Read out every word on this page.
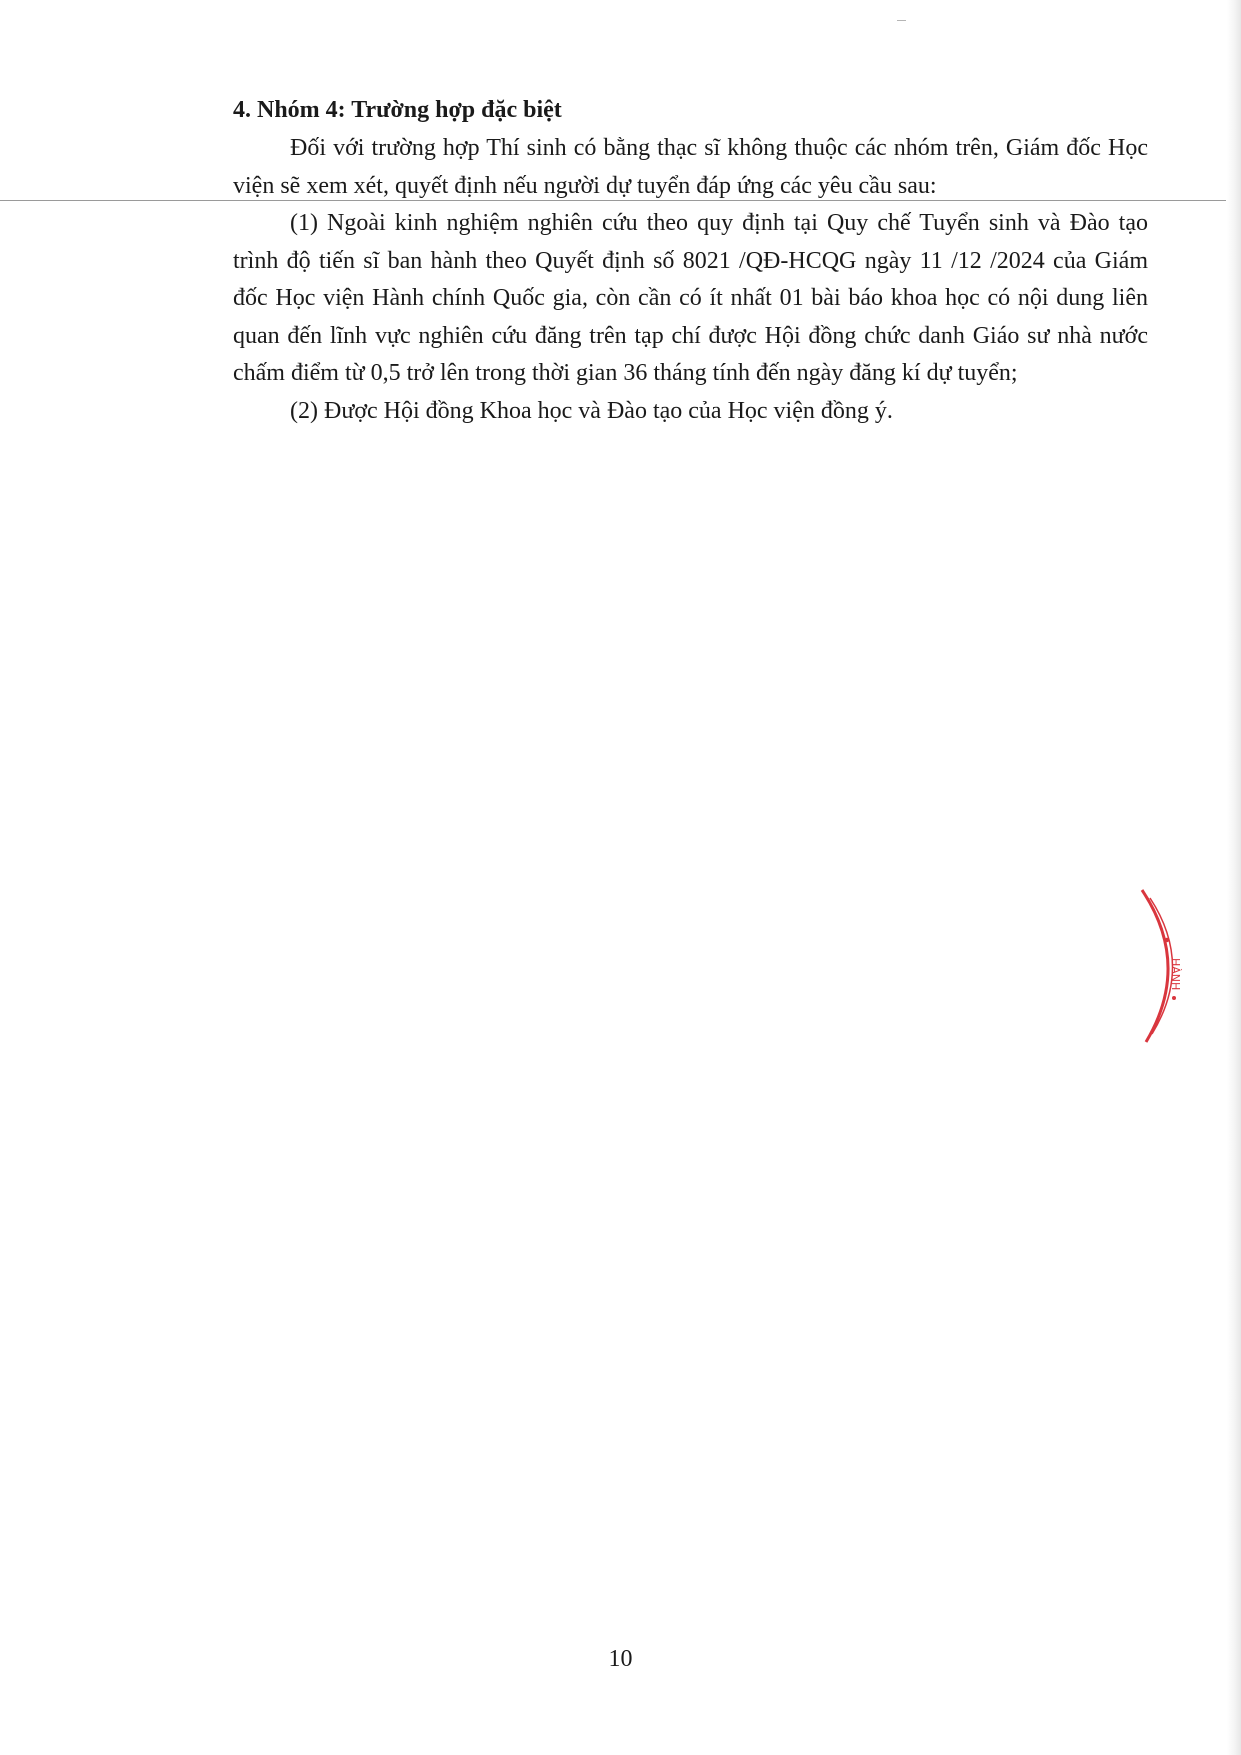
4. Nhóm 4: Trường hợp đặc biệt

Đối với trường hợp Thí sinh có bằng thạc sĩ không thuộc các nhóm trên, Giám đốc Học viện sẽ xem xét, quyết định nếu người dự tuyển đáp ứng các yêu cầu sau:

(1) Ngoài kinh nghiệm nghiên cứu theo quy định tại Quy chế Tuyển sinh và Đào tạo trình độ tiến sĩ ban hành theo Quyết định số 8021 /QĐ-HCQG ngày 11 /12 /2024 của Giám đốc Học viện Hành chính Quốc gia, còn cần có ít nhất 01 bài báo khoa học có nội dung liên quan đến lĩnh vực nghiên cứu đăng trên tạp chí được Hội đồng chức danh Giáo sư nhà nước chấm điểm từ 0,5 trở lên trong thời gian 36 tháng tính đến ngày đăng kí dự tuyển;

(2) Được Hội đồng Khoa học và Đào tạo của Học viện đồng ý.

10
HÀNH
